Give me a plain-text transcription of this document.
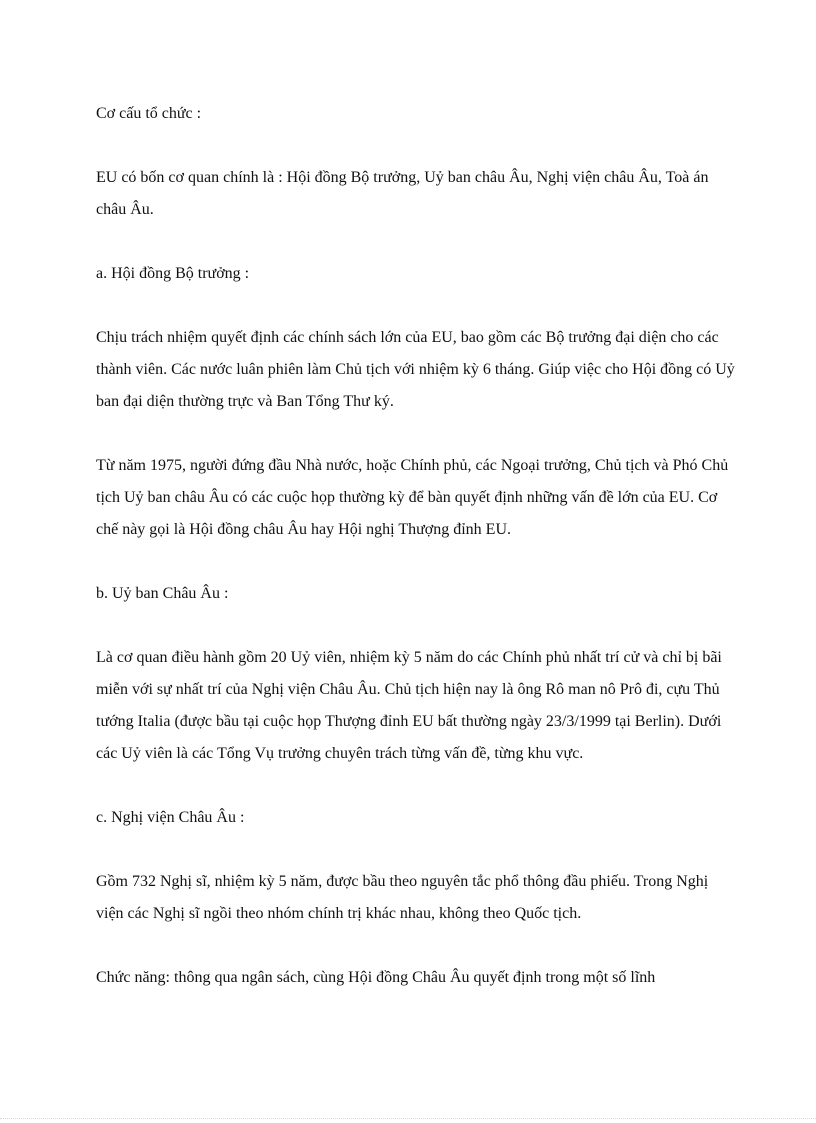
Cơ cấu tổ chức :

EU có bốn cơ quan chính là : Hội đồng Bộ trưởng, Uỷ ban châu Âu, Nghị viện châu Âu, Toà án châu Âu.

a. Hội đồng Bộ trưởng :

Chịu trách nhiệm quyết định các chính sách lớn của EU, bao gồm các Bộ trưởng đại diện cho các thành viên. Các nước luân phiên làm Chủ tịch với nhiệm kỳ 6 tháng. Giúp việc cho Hội đồng có Uỷ ban đại diện thường trực và Ban Tổng Thư ký.

Từ năm 1975, người đứng đầu Nhà nước, hoặc Chính phủ, các Ngoại trưởng, Chủ tịch và Phó Chủ tịch Uỷ ban châu Âu có các cuộc họp thường kỳ để bàn quyết định những vấn đề lớn của EU. Cơ chế này gọi là Hội đồng châu Âu hay Hội nghị Thượng đỉnh EU.

b. Uỷ ban Châu Âu :

Là cơ quan điều hành gồm 20 Uỷ viên, nhiệm kỳ 5 năm do các Chính phủ nhất trí cử và chỉ bị bãi miễn với sự nhất trí của Nghị viện Châu Âu. Chủ tịch hiện nay là ông Rô man nô Prô đi, cựu Thủ tướng Italia (được bầu tại cuộc họp Thượng đỉnh EU bất thường ngày 23/3/1999 tại Berlin). Dưới các Uỷ viên là các Tổng Vụ trưởng chuyên trách từng vấn đề, từng khu vực.

c. Nghị viện Châu Âu :

Gồm 732 Nghị sĩ, nhiệm kỳ 5 năm, được bầu theo nguyên tắc phổ thông đầu phiếu. Trong Nghị viện các Nghị sĩ ngồi theo nhóm chính trị khác nhau, không theo Quốc tịch.

Chức năng: thông qua ngân sách, cùng Hội đồng Châu Âu quyết định trong một số lĩnh
